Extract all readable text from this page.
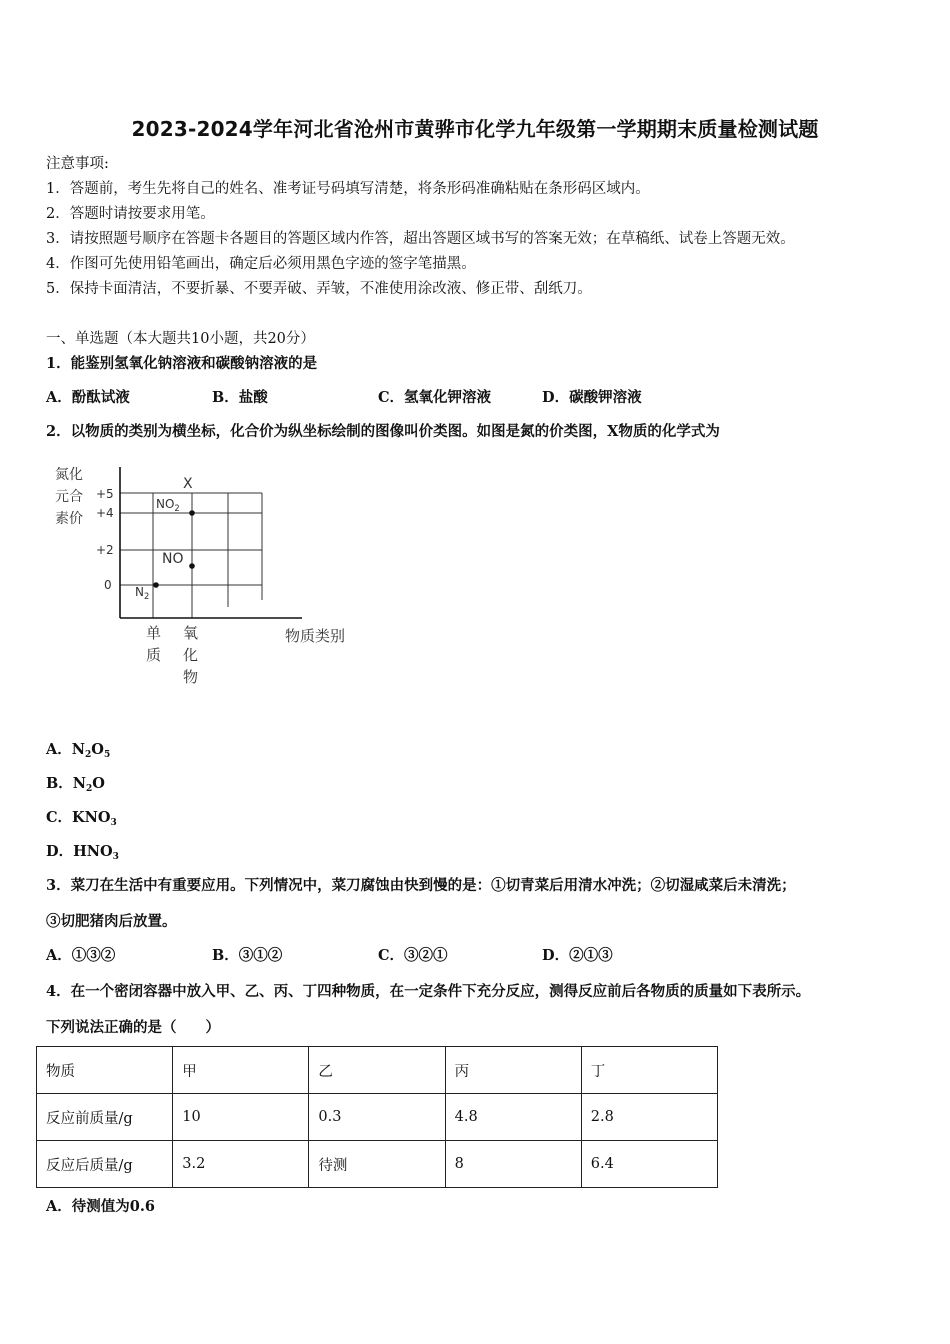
2023-2024学年河北省沧州市黄骅市化学九年级第一学期期末质量检测试题
注意事项:
1．答题前，考生先将自己的姓名、准考证号码填写清楚，将条形码准确粘贴在条形码区域内。
2．答题时请按要求用笔。
3．请按照题号顺序在答题卡各题目的答题区域内作答，超出答题区域书写的答案无效；在草稿纸、试卷上答题无效。
4．作图可先使用铅笔画出，确定后必须用黑色字迹的签字笔描黑。
5．保持卡面清洁，不要折暴、不要弄破、弄皱，不准使用涂改液、修正带、刮纸刀。
一、单选题（本大题共10小题，共20分）
1．能鉴别氢氧化钠溶液和碳酸钠溶液的是
A．酚酞试液	B．盐酸	C．氢氧化钾溶液	D．碳酸钾溶液
2．以物质的类别为横坐标，化合价为纵坐标绘制的图像叫价类图。如图是氮的价类图，X物质的化学式为
氮化
元合
素价
+5
+4
+2
0
单
质
氧
化
物
物质类别
$N_2$
NO
$NO_2$
X
A．$N_2O_5$
B．$N_2O$
C．$KNO_3$
D．$HNO_3$
3．菜刀在生活中有重要应用。下列情况中，菜刀腐蚀由快到慢的是：①切青菜后用清水冲洗；②切湿咸菜后未清洗；
③切肥猪肉后放置。
A．①③②	B．③①②	C．③②①	D．②①③
4．在一个密闭容器中放入甲、乙、丙、丁四种物质，在一定条件下充分反应，测得反应前后各物质的质量如下表所示。
下列说法正确的是（　　）
物质	甲	乙	丙	丁
反应前质量/g	10	0.3	4.8	2.8
反应后质量/g	3.2	待测	8	6.4
A．待测值为0.6
